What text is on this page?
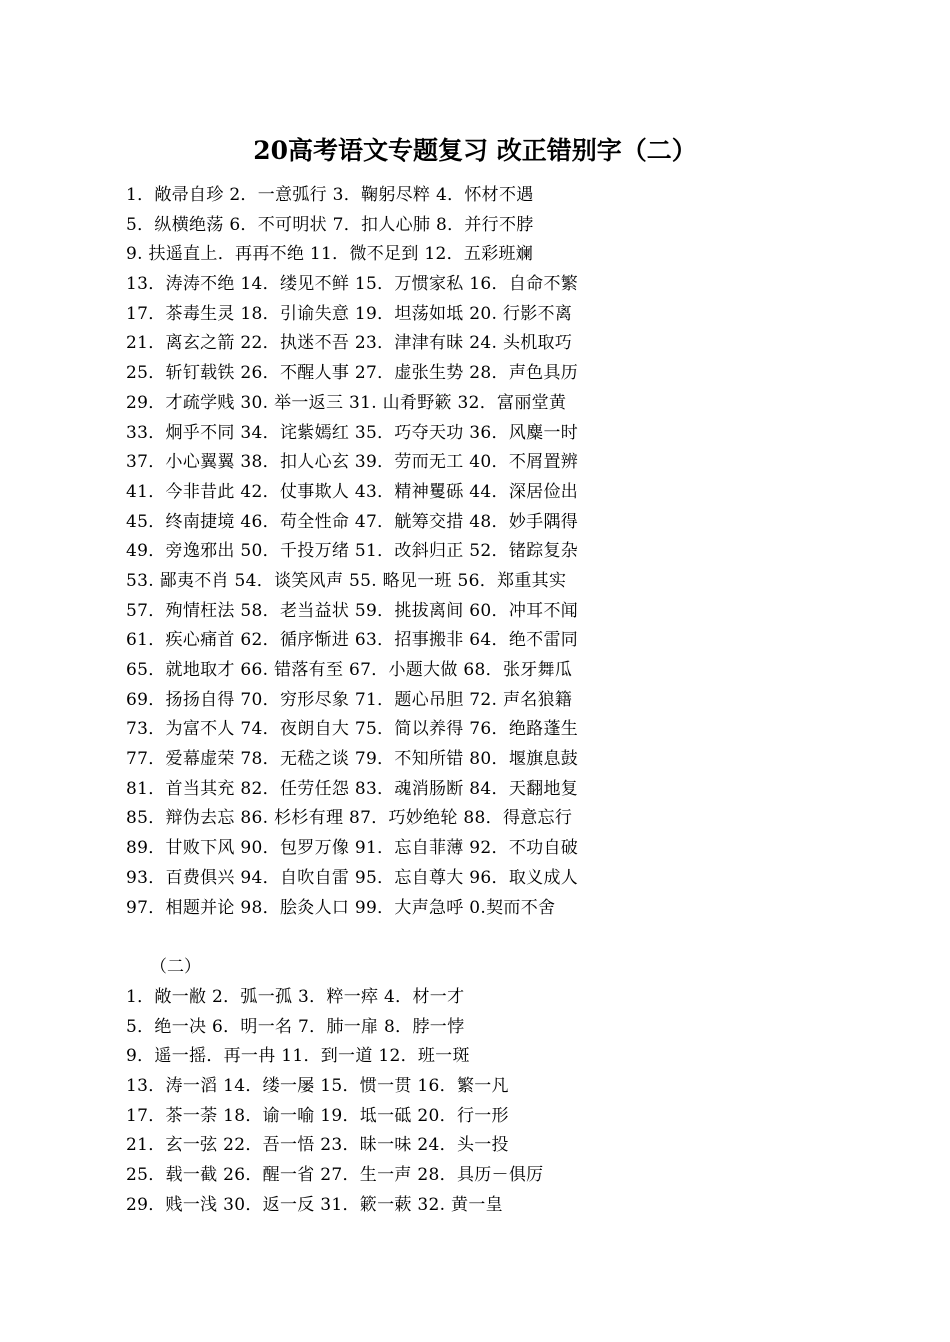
20高考语文专题复习 改正错别字（二）
1．敞帚自珍 2．一意弧行 3．鞠躬尽粹 4．怀材不遇
5．纵横绝荡 6．不可明状 7．扣人心肺 8．并行不脖
9. 扶遥直上．再再不绝 11．微不足到 12．五彩班斓
13．涛涛不绝 14．缕见不鲜 15．万惯家私 16．自命不繁
17．茶毒生灵 18．引谕失意 19．坦荡如坻 20. 行影不离
21．离玄之箭 22．执迷不吾 23．津津有昧 24. 头机取巧
25．斩钉载铁 26．不醒人事 27．虚张生势 28．声色具历
29．才疏学贱 30. 举一返三 31. 山肴野簌 32．富丽堂黄
33．炯乎不同 34．诧紫嫣红 35．巧夺天功 36．风麋一时
37．小心翼翼 38．扣人心玄 39．劳而无工 40．不屑置辨
41．今非昔此 42．仗事欺人 43．精神矍砾 44．深居俭出
45．终南捷境 46．苟全性命 47．觥筹交措 48．妙手隅得
49．旁逸邪出 50．千投万绪 51．改斜归正 52．锗踪复杂
53. 鄙夷不肖 54．谈笑风声 55. 略见一班 56．郑重其实
57．殉情枉法 58．老当益状 59．挑拔离间 60．冲耳不闻
61．疾心痛首 62．循序惭进 63．招事搬非 64．绝不雷同
65．就地取才 66. 错落有至 67．小题大做 68．张牙舞瓜
69．扬扬自得 70．穷形尽象 71．题心吊胆 72. 声名狼籍
73．为富不人 74．夜朗自大 75．简以养得 76．绝路蓬生
77．爱幕虚荣 78．无嵇之谈 79．不知所错 80．堰旗息鼓
81．首当其充 82．任劳任怨 83．魂消肠断 84．天翻地复
85．辩伪去忘 86. 杉杉有理 87．巧妙绝轮 88．得意忘行
89．甘败下风 90．包罗万像 91．忘自菲薄 92．不功自破
93．百费俱兴 94．自吹自雷 95．忘自尊大 96．取义成人
97．相题并论 98．脍灸人口 99．大声急呼 0.契而不舍
（二）
1．敞一敝 2．弧一孤 3．粹一瘁 4．材一才
5．绝一决 6．明一名 7．肺一扉 8．脖一悖
9．遥一摇．再一冉 11．到一道 12．班一斑
13．涛一滔 14．缕一屡 15．惯一贯 16．繁一凡
17．茶一荼 18．谕一喻 19．坻一砥 20．行一形
21．玄一弦 22．吾一悟 23．昧一味 24．头一投
25．载一截 26．醒一省 27．生一声 28．具历－俱厉
29．贱一浅 30．返一反 31．簌一蔌 32. 黄一皇
